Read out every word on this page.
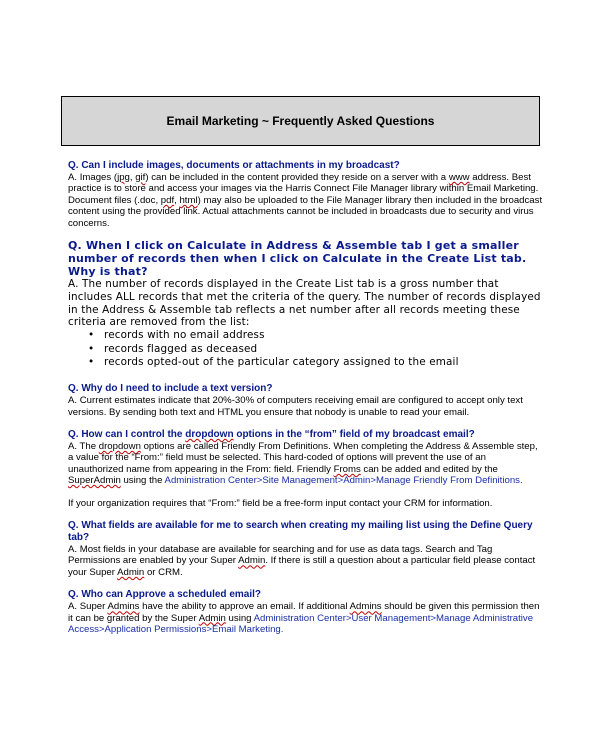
Email Marketing ~ Frequently Asked Questions
Q. Can I include images, documents or attachments in my broadcast?
A. Images (jpg, gif) can be included in the content provided they reside on a server with a www address. Best practice is to store and access your images via the Harris Connect File Manager library within Email Marketing. Document files (.doc, pdf, html) may also be uploaded to the File Manager library then included in the broadcast content using the provided link. Actual attachments cannot be included in broadcasts due to security and virus concerns.
Q. When I click on Calculate in Address & Assemble tab I get a smaller number of records then when I click on Calculate in the Create List tab. Why is that?
A. The number of records displayed in the Create List tab is a gross number that includes ALL records that met the criteria of the query. The number of records displayed in the Address & Assemble tab reflects a net number after all records meeting these criteria are removed from the list:
• records with no email address
• records flagged as deceased
• records opted-out of the particular category assigned to the email
Q. Why do I need to include a text version?
A. Current estimates indicate that 20%-30% of computers receiving email are configured to accept only text versions. By sending both text and HTML you ensure that nobody is unable to read your email.
Q. How can I control the dropdown options in the “from” field of my broadcast email?
A. The dropdown options are called Friendly From Definitions. When completing the Address & Assemble step, a value for the “From:” field must be selected. This hard-coded of options will prevent the use of an unauthorized name from appearing in the From: field. Friendly Froms can be added and edited by the SuperAdmin using the Administration Center>Site Management>Admin>Manage Friendly From Definitions.
If your organization requires that “From:” field be a free-form input contact your CRM for information.
Q. What fields are available for me to search when creating my mailing list using the Define Query tab?
A. Most fields in your database are available for searching and for use as data tags. Search and Tag Permissions are enabled by your Super Admin. If there is still a question about a particular field please contact your Super Admin or CRM.
Q. Who can Approve a scheduled email?
A. Super Admins have the ability to approve an email. If additional Admins should be given this permission then it can be granted by the Super Admin using Administration Center>User Management>Manage Administrative Access>Application Permissions>Email Marketing.
